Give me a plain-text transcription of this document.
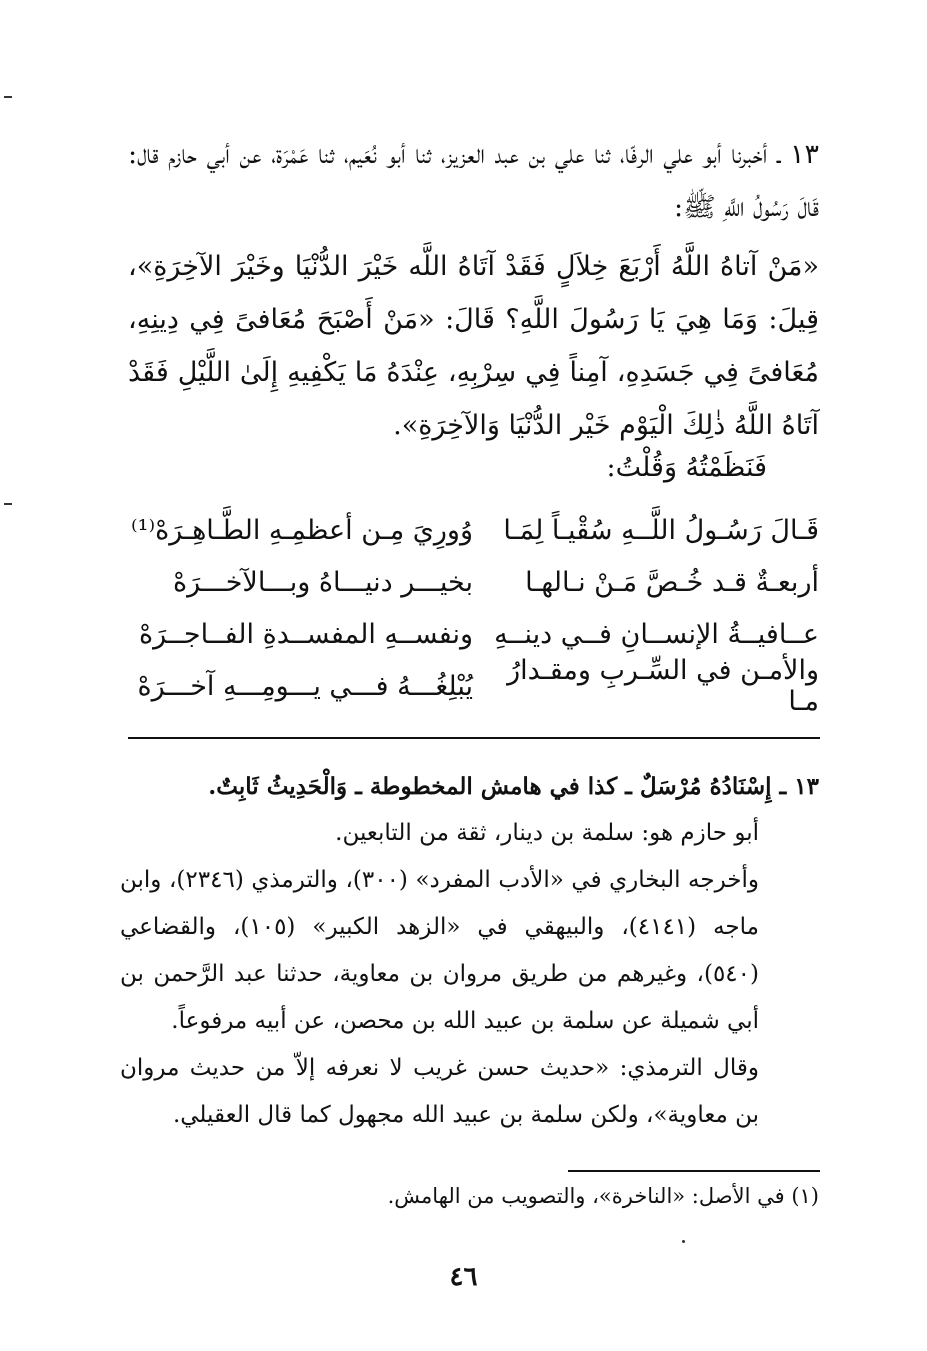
١٣ ـ أخبرنا أبو علي الرفّا، ثنا علي بن عبد العزيز، ثنا أبو نُعَيم، ثنا عَمْرَة، عن أبي حازم قال: قَالَ رَسُولُ اللَّهِ ﷺ:
«مَنْ آتاهُ اللَّهُ أَرْبَعَ خِلاَلٍ فَقَدْ آتَاهُ اللَّه خَيْرَ الدُّنْيَا وخَيْرَ الآخِرَةِ»، قِيلَ: وَمَا هِيَ يَا رَسُولَ اللَّهِ؟ قَالَ: «مَنْ أَصْبَحَ مُعَافىً فِي دِينِهِ، مُعَافىً فِي جَسَدِهِ، آمِناً فِي سِرْبِهِ، عِنْدَهُ مَا يَكْفِيهِ إِلَىٰ اللَّيْلِ فَقَدْ آتَاهُ اللَّهُ ذٰلِكَ الْيَوْم خَيْر الدُّنْيَا وَالآخِرَةِ».
فَنَظَمْتُهُ وَقُلْتُ:
قَـالَ رَسُـولُ اللَّــهِ سُقْيـاً لِمَـا
وُورِيَ مِـن أعظمِـهِ الطَّـاهِـرَهْ⁽¹⁾
أربعـةٌ قـد خُـصَّ مَـنْ نـالهـا
بخيـــر دنيـــاهُ وبـــالآخـــرَهْ
عــافيــةُ الإنســانِ فــي دينــهِ
ونفســهِ المفســدةِ الفــاجــرَهْ
والأمـن في السِّـربِ ومقـدارُ مـا
يُبْلِغُـــهُ فـــي يـــومِـــهِ آخـــرَهْ

١٣ ـ إِسْنَادُهُ مُرْسَلٌ ـ كذا في هامش المخطوطة ـ وَالْحَدِيثُ ثَابِتٌ.

أبو حازم هو: سلمة بن دينار، ثقة من التابعين.

وأخرجه البخاري في «الأدب المفرد» (٣٠٠)، والترمذي (٢٣٤٦)، وابن ماجه (٤١٤١)، والبيهقي في «الزهد الكبير» (١٠٥)، والقضاعي (٥٤٠)، وغيرهم من طريق مروان بن معاوية، حدثنا عبد الرَّحمن بن أبي شميلة عن سلمة بن عبيد الله بن محصن، عن أبيه مرفوعاً.

وقال الترمذي: «حديث حسن غريب لا نعرفه إلاّ من حديث مروان بن معاوية»، ولكن سلمة بن عبيد الله مجهول كما قال العقيلي.

(١) في الأصل: «الناخرة»، والتصويب من الهامش.
٤٦
